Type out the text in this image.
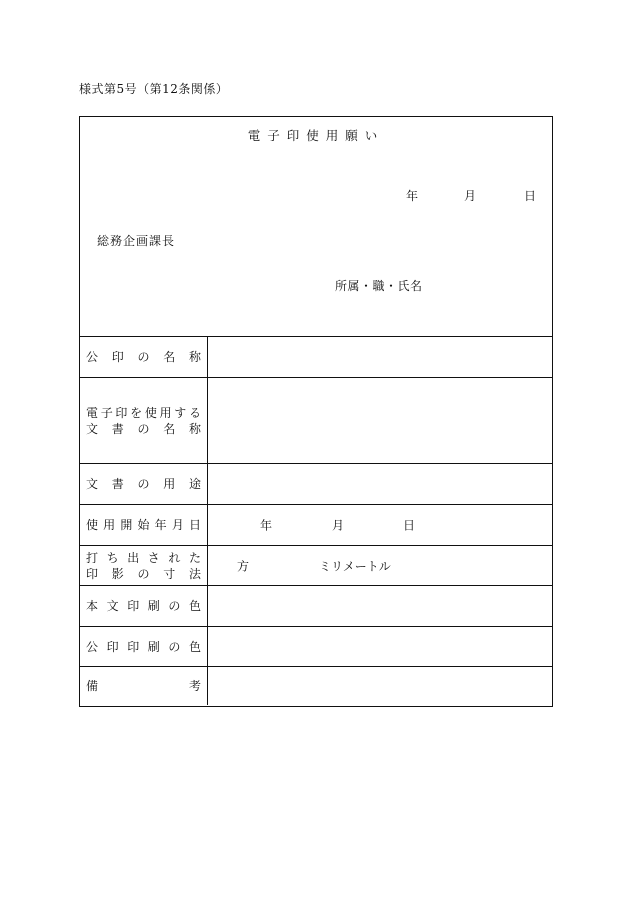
様式第5号（第12条関係）
電子印使用願い
年	月	日
総務企画課長
所属・職・氏名
公印の名称
電子印を使用する
文書の名称
文書の用途
使用開始年月日	年	月	日
打ち出された
印影の寸法
方	ミリメートル
本文印刷の色
公印印刷の色
備考
